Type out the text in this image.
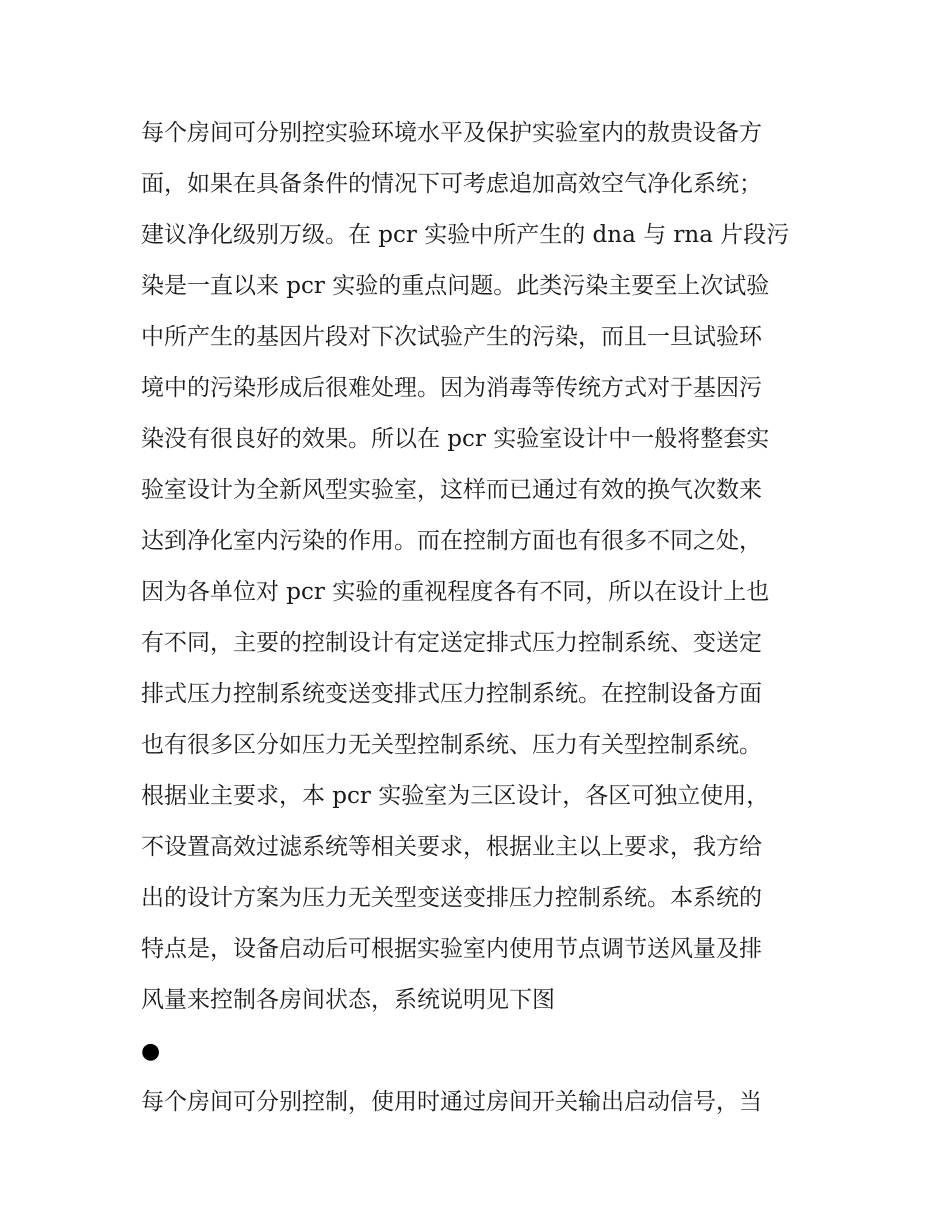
每个房间可分别控实验环境水平及保护实验室内的敖贵设备方
面，如果在具备条件的情况下可考虑追加高效空气净化系统；
建议净化级别万级。在 pcr 实验中所产生的 dna 与 rna 片段污
染是一直以来 pcr 实验的重点问题。此类污染主要至上次试验
中所产生的基因片段对下次试验产生的污染，而且一旦试验环
境中的污染形成后很难处理。因为消毒等传统方式对于基因污
染没有很良好的效果。所以在 pcr 实验室设计中一般将整套实
验室设计为全新风型实验室，这样而已通过有效的换气次数来
达到净化室内污染的作用。而在控制方面也有很多不同之处，
因为各单位对 pcr 实验的重视程度各有不同，所以在设计上也
有不同，主要的控制设计有定送定排式压力控制系统、变送定
排式压力控制系统变送变排式压力控制系统。在控制设备方面
也有很多区分如压力无关型控制系统、压力有关型控制系统。
根据业主要求，本 pcr 实验室为三区设计，各区可独立使用，
不设置高效过滤系统等相关要求，根据业主以上要求，我方给
出的设计方案为压力无关型变送变排压力控制系统。本系统的
特点是，设备启动后可根据实验室内使用节点调节送风量及排
风量来控制各房间状态，系统说明见下图
●
每个房间可分别控制，使用时通过房间开关输出启动信号，当
